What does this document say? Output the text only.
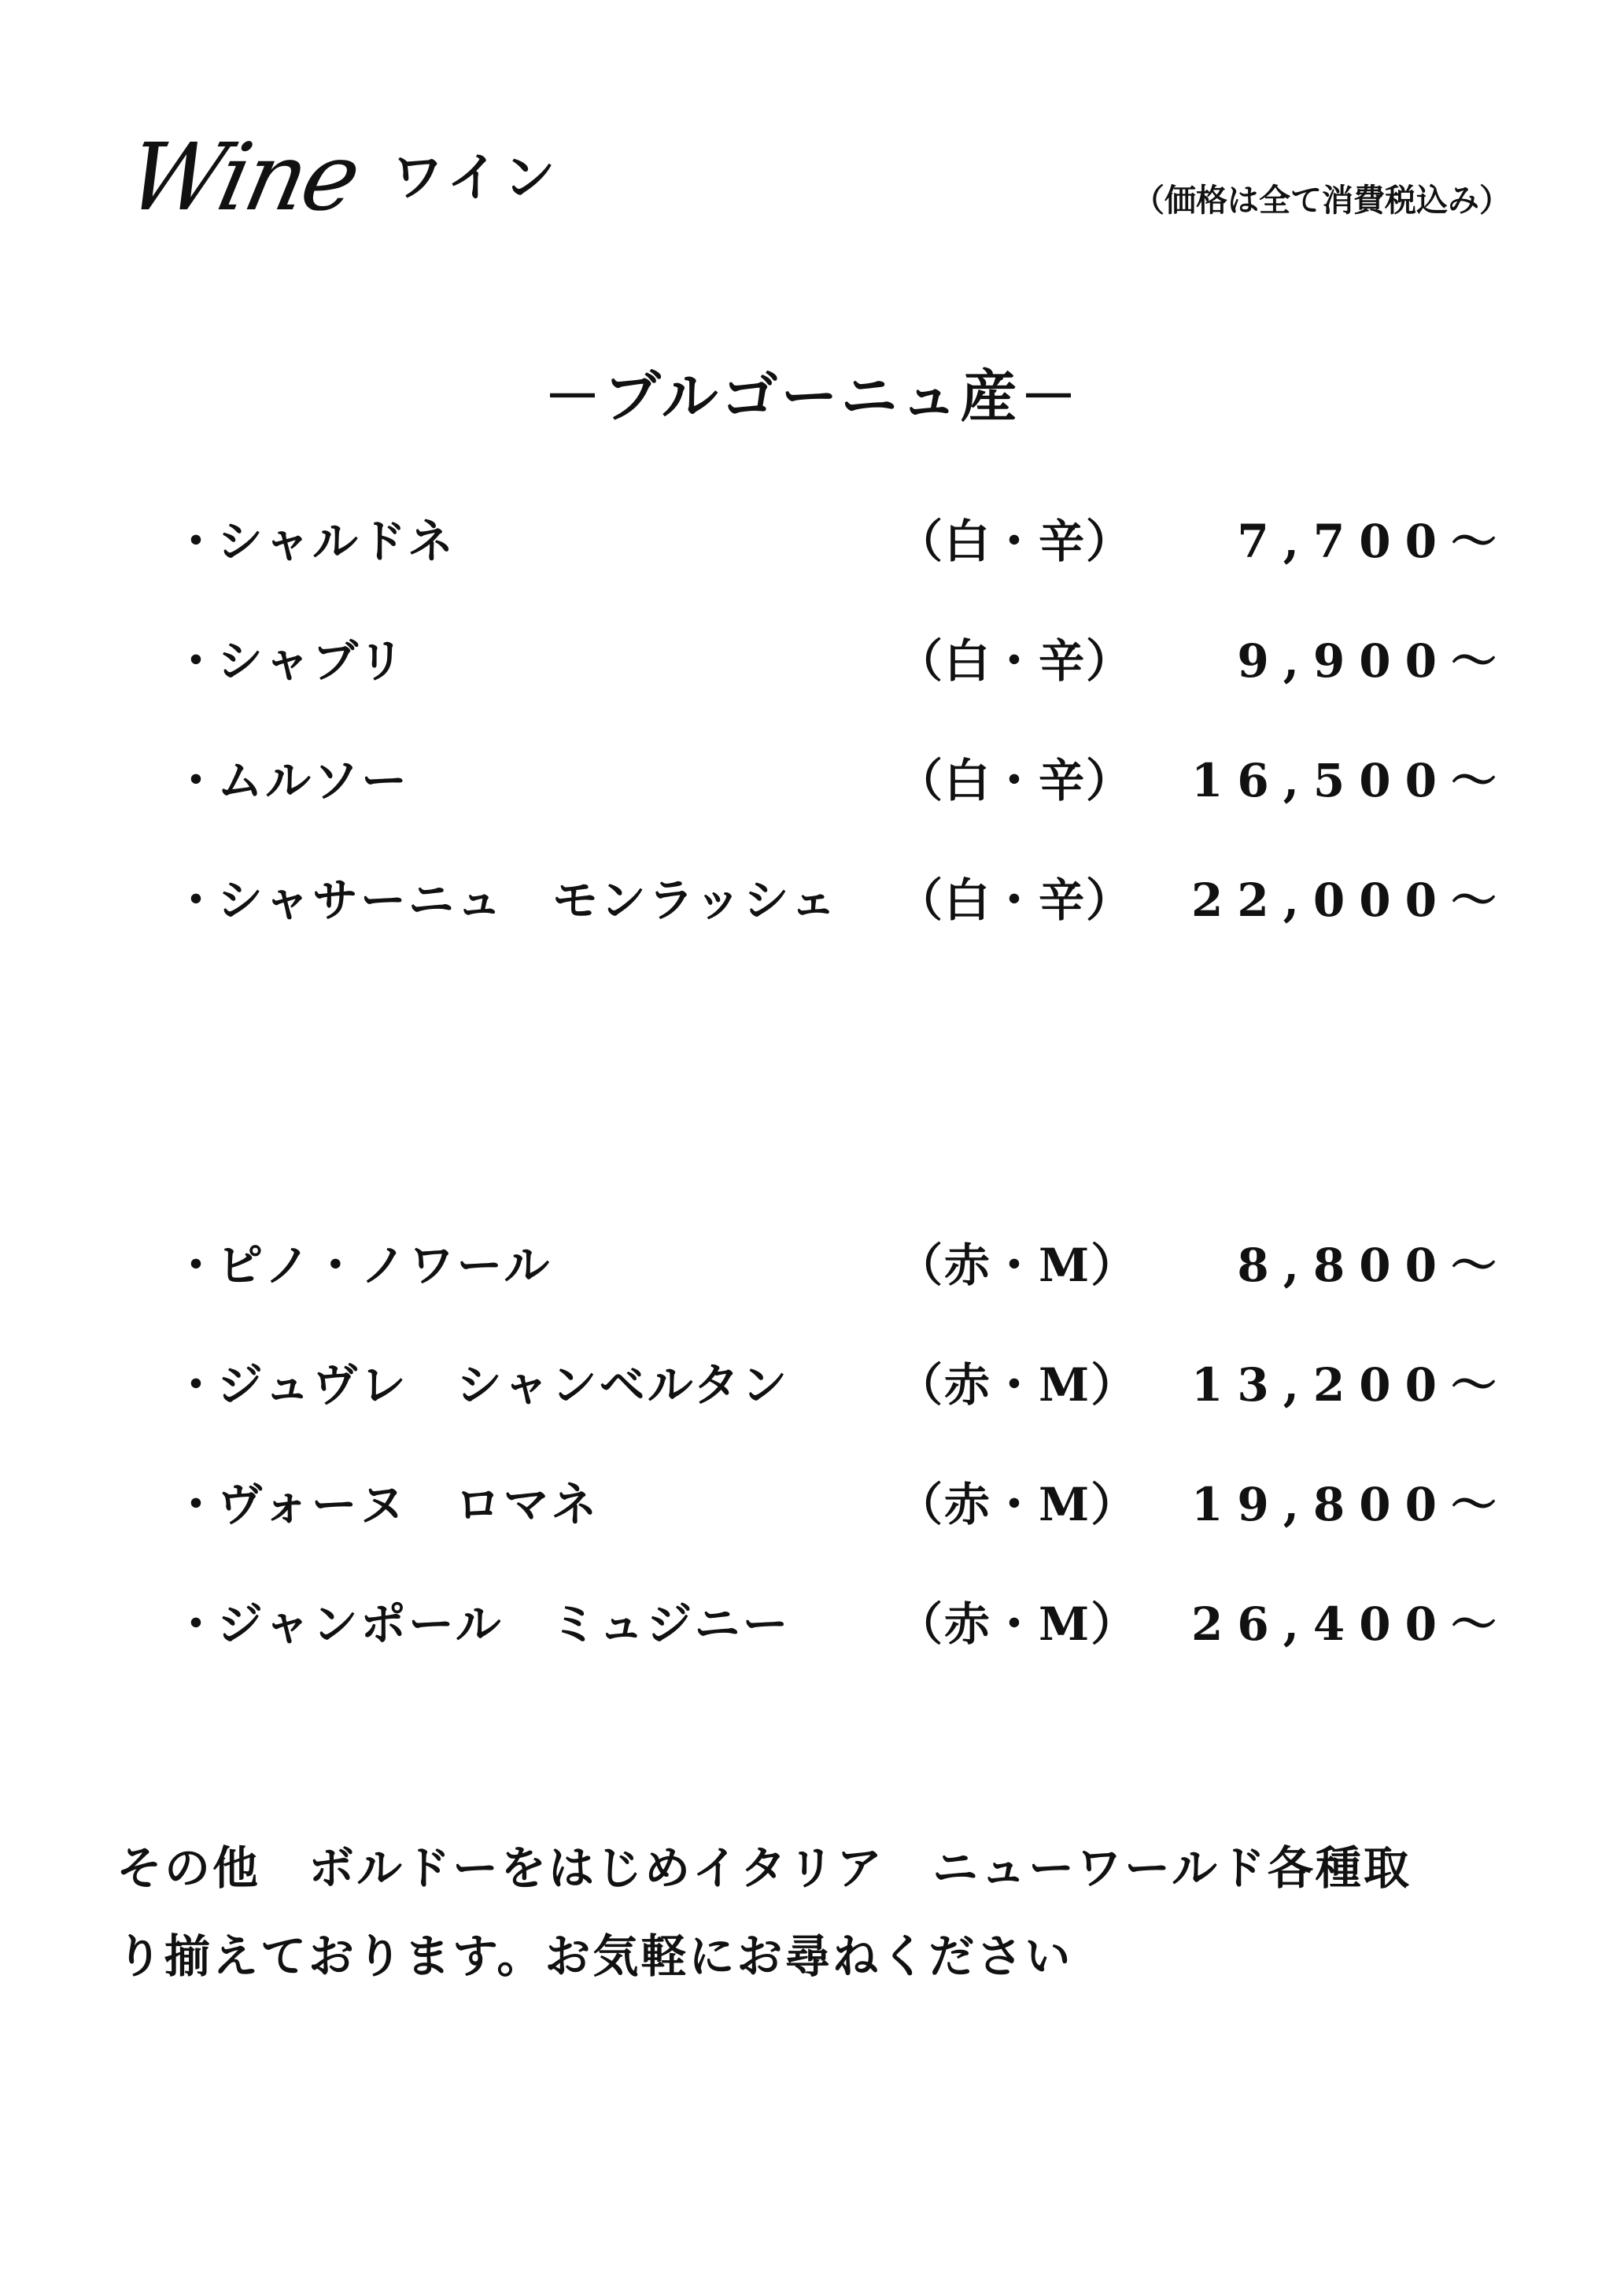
Wine ワイン	（価格は全て消費税込み）
－ブルゴーニュ産－
・
シャルドネ	（白・辛） 7,700～
・
シャブリ	（白・辛） 9,900～
・
ムルソー	（白・辛） 16,500～
・
シャサーニュ　モンラッシェ （白・辛） 22,000～
・
ピノ・ノワール	（赤・M） 8,800～
・
ジュヴレ　シャンベルタン （赤・M） 13,200～
・
ヴォーヌ　ロマネ	（赤・M） 19,800～
・
ジャンポール　ミュジニー （赤・M） 26,400～
その他　ボルドーをはじめイタリア　ニューワールド各種取
り揃えております。お気軽にお尋ねください
